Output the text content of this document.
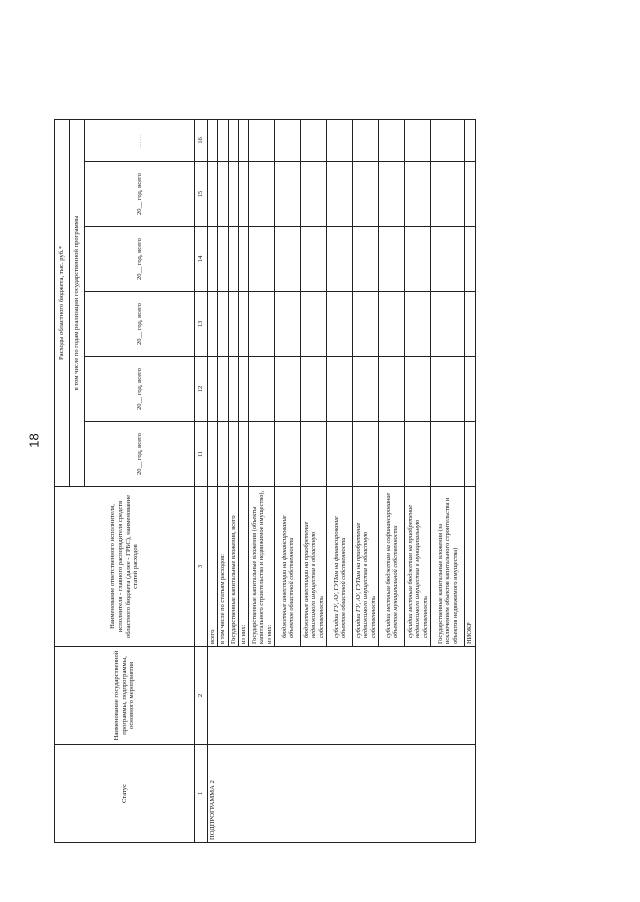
18
Статус	Наименование государственной программы, подпрограммы, основного мероприятия	Наименование ответственного исполнителя, исполнителя - главного распорядителя средств областного бюджета (далее - ГРБС), наименование статей расходов	Расходы областного бюджета, тыс. руб.*					
			в том числе по годам реализации государственной программы					
			20__ год, всего	20__ год, всего	20__ год, всего	20__ год, всего	20__ год, всего	……
1	2	3	11	12	13	14	15	16
ПОДПРОГРАММА 2		всего						
		в том числе по статьям расходов:						
		Государственные капитальные вложения, всего						
		из них:						
		Государственные капитальные вложения (объекты капитального строительства и недвижимое имущество), из них:						
		бюджетные инвестиции на финансирование объектов областной собственности						
		бюджетные инвестиции на приобретение недвижимого имущества в областную собственность						
		субсидии ГУ, АУ, ГУПам на финансирование объектов областной собственности						
		субсидии ГУ, АУ, ГУПам на приобретение недвижимого имущества в областную собственность						
		субсидии местным бюджетам на софинансирование объектов муниципальной собственности						
		субсидии местным бюджетам на приобретение недвижимого имущества в муниципальную собственность						
		Государственные капитальные вложения (за исключением объектов капитального строительства и объектов недвижимого имущества)						
		НИОКР						
